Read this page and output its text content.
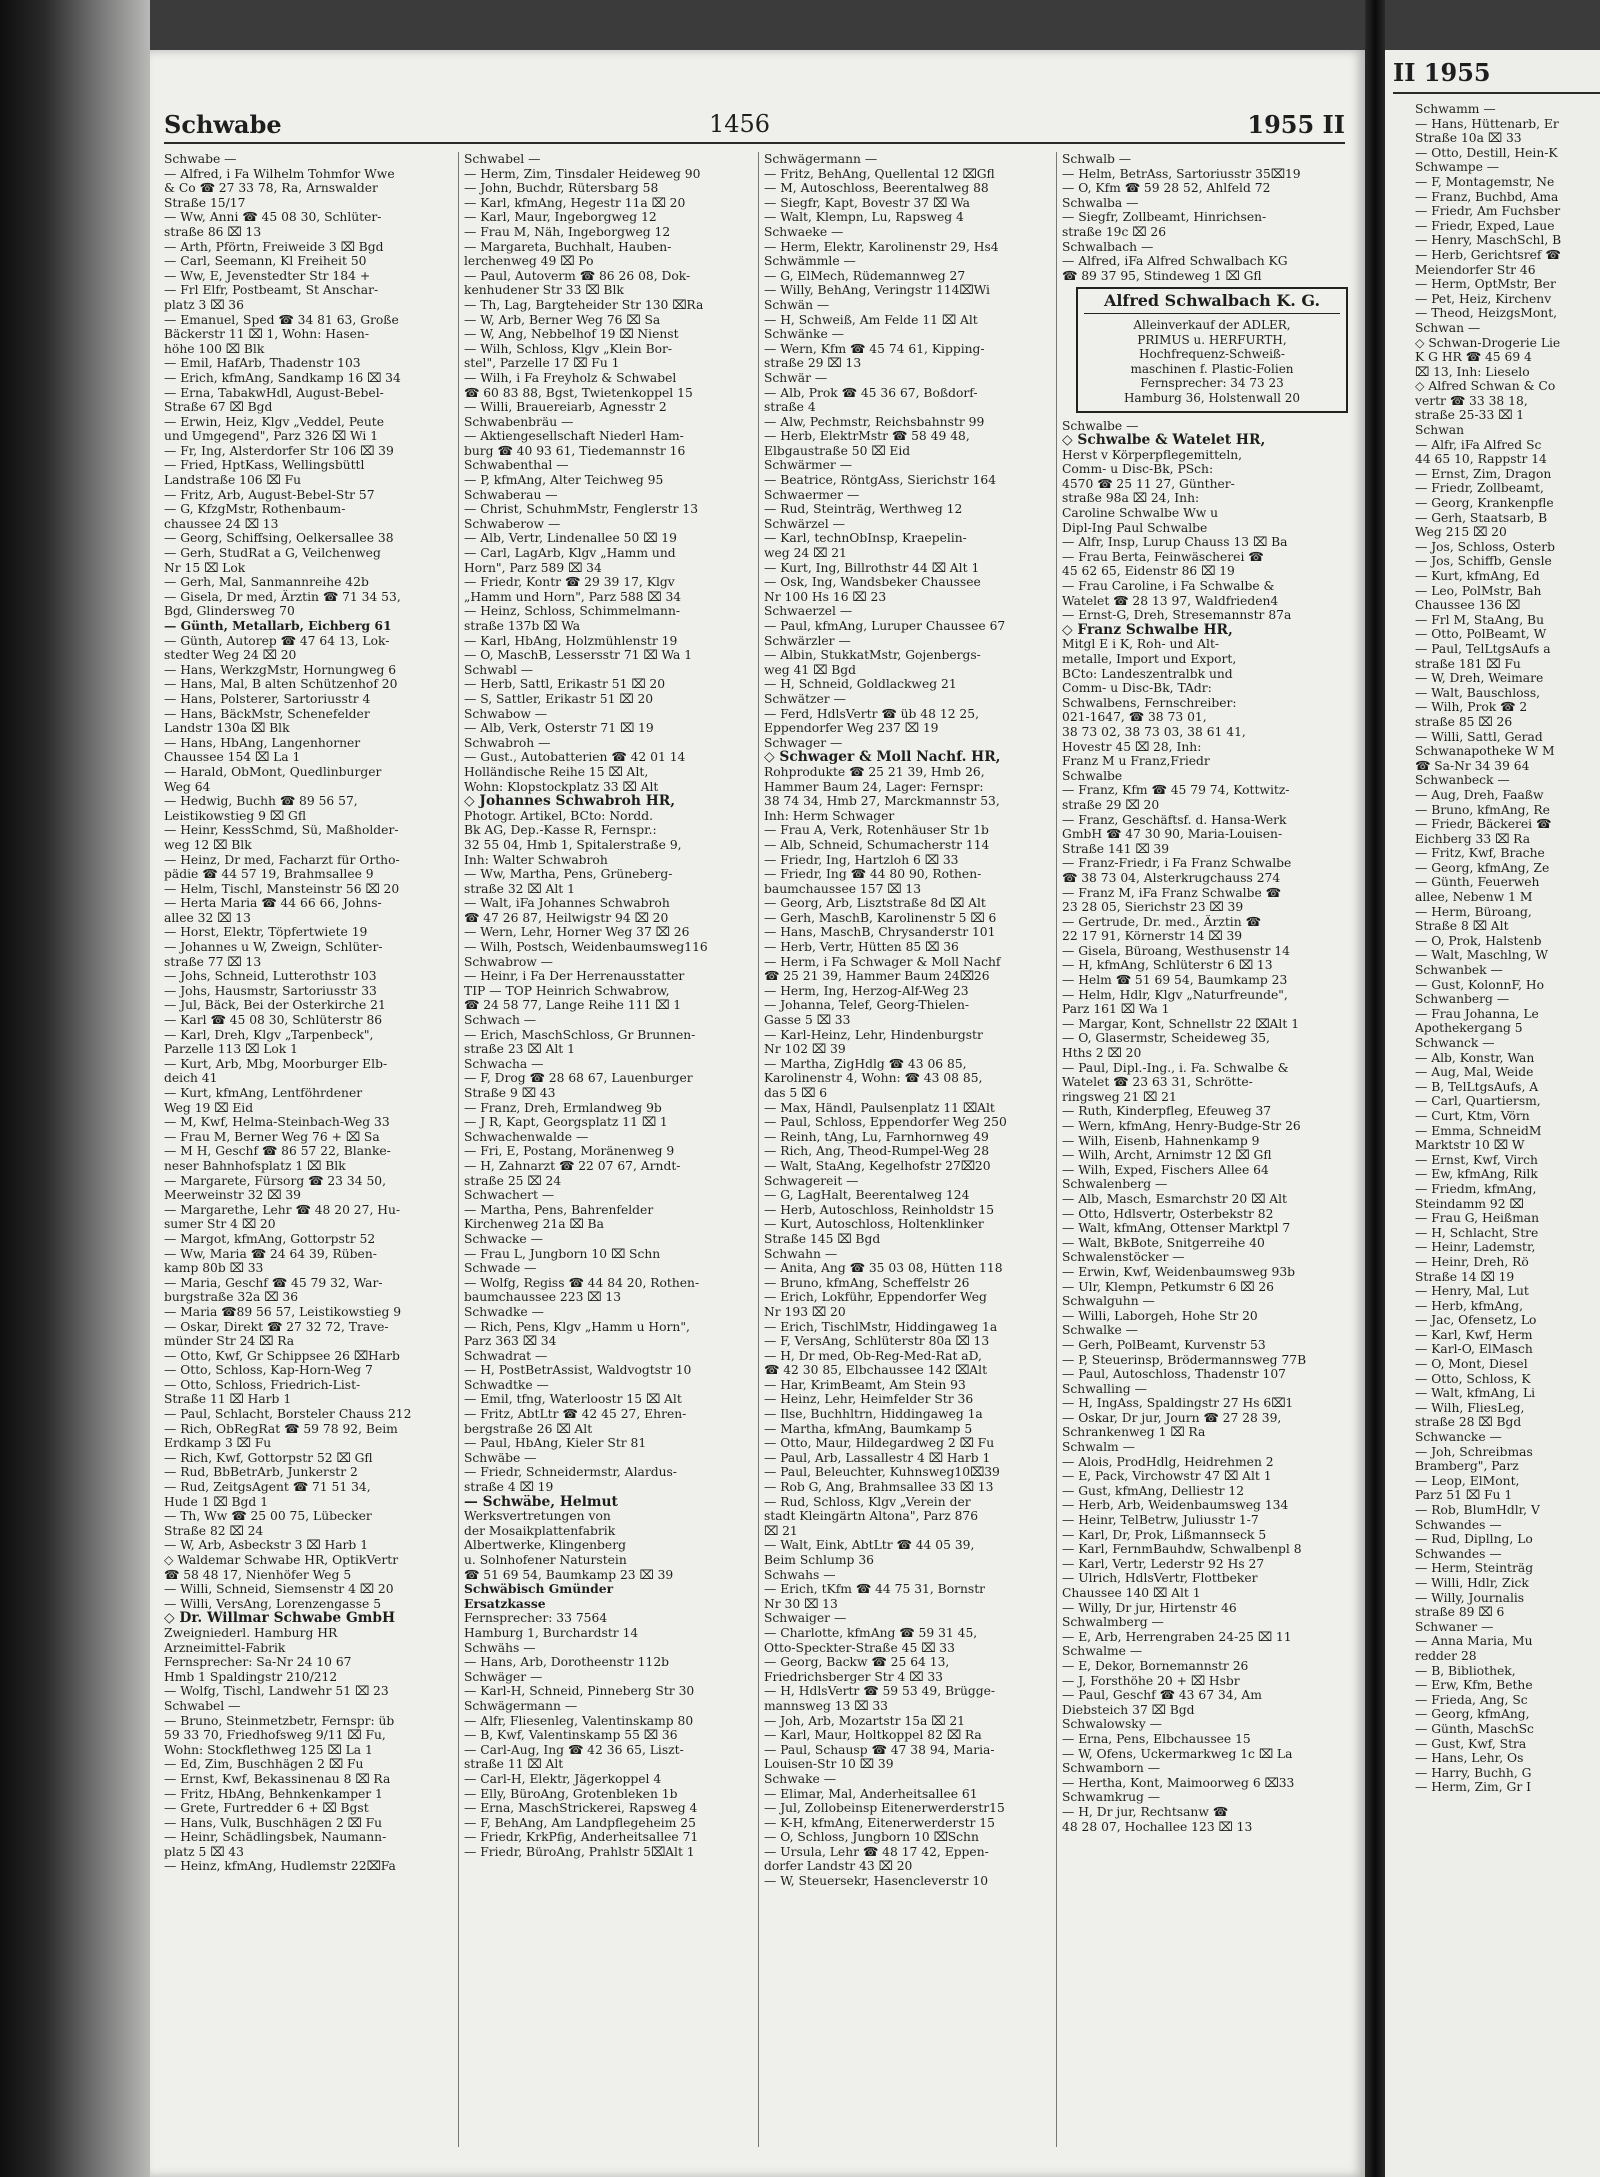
Schwabe	1456	1955 II
Schwabe —
— Alfred, i Fa Wilhelm Tohmfor Wwe
& Co ☎ 27 33 78, Ra, Arnswalder
Straße 15/17
— Ww, Anni ☎ 45 08 30, Schlüter-
straße 86 ⌧ 13
— Arth, Pförtn, Freiweide 3 ⌧ Bgd
— Carl, Seemann, Kl Freiheit 50
— Ww, E, Jevenstedter Str 184 +
— Frl Elfr, Postbeamt, St Anschar-
platz 3 ⌧ 36
— Emanuel, Sped ☎ 34 81 63, Große
Bäckerstr 11 ⌧ 1, Wohn: Hasen-
höhe 100 ⌧ Blk
— Emil, HafArb, Thadenstr 103
— Erich, kfmAng, Sandkamp 16 ⌧ 34
— Erna, TabakwHdl, August-Bebel-
Straße 67 ⌧ Bgd
— Erwin, Heiz, Klgv „Veddel, Peute
und Umgegend", Parz 326 ⌧ Wi 1
— Fr, Ing, Alsterdorfer Str 106 ⌧ 39
— Fried, HptKass, Wellingsbüttl
Landstraße 106 ⌧ Fu
— Fritz, Arb, August-Bebel-Str 57
— G, KfzgMstr, Rothenbaum-
chaussee 24 ⌧ 13
— Georg, Schiffsing, Oelkersallee 38
— Gerh, StudRat a G, Veilchenweg
Nr 15 ⌧ Lok
— Gerh, Mal, Sanmannreihe 42b
— Gisela, Dr med, Ärztin ☎ 71 34 53,
Bgd, Glindersweg 70
— Günth, Metallarb, Eichberg 61
— Günth, Autorep ☎ 47 64 13, Lok-
stedter Weg 24 ⌧ 20
— Hans, WerkzgMstr, Hornungweg 6
— Hans, Mal, B alten Schützenhof 20
— Hans, Polsterer, Sartoriusstr 4
— Hans, BäckMstr, Schenefelder
Landstr 130a ⌧ Blk
— Hans, HbAng, Langenhorner
Chaussee 154 ⌧ La 1
— Harald, ObMont, Quedlinburger
Weg 64
— Hedwig, Buchh ☎ 89 56 57,
Leistikowstieg 9 ⌧ Gfl
— Heinr, KessSchmd, Sü, Maßholder-
weg 12 ⌧ Blk
— Heinz, Dr med, Facharzt für Ortho-
pädie ☎ 44 57 19, Brahmsallee 9
— Helm, Tischl, Mansteinstr 56 ⌧ 20
— Herta Maria ☎ 44 66 66, Johns-
allee 32 ⌧ 13
— Horst, Elektr, Töpfertwiete 19
— Johannes u W, Zweign, Schlüter-
straße 77 ⌧ 13
— Johs, Schneid, Lutterothstr 103
— Johs, Hausmstr, Sartoriusstr 33
— Jul, Bäck, Bei der Osterkirche 21
— Karl ☎ 45 08 30, Schlüterstr 86
— Karl, Dreh, Klgv „Tarpenbeck",
Parzelle 113 ⌧ Lok 1
— Kurt, Arb, Mbg, Moorburger Elb-
deich 41
— Kurt, kfmAng, Lentföhrdener
Weg 19 ⌧ Eid
— M, Kwf, Helma-Steinbach-Weg 33
— Frau M, Berner Weg 76 + ⌧ Sa
— M H, Geschf ☎ 86 57 22, Blanke-
neser Bahnhofsplatz 1 ⌧ Blk
— Margarete, Fürsorg ☎ 23 34 50,
Meerweinstr 32 ⌧ 39
— Margarethe, Lehr ☎ 48 20 27, Hu-
sumer Str 4 ⌧ 20
— Margot, kfmAng, Gottorpstr 52
— Ww, Maria ☎ 24 64 39, Rüben-
kamp 80b ⌧ 33
— Maria, Geschf ☎ 45 79 32, War-
burgstraße 32a ⌧ 36
— Maria ☎89 56 57, Leistikowstieg 9
— Oskar, Direkt ☎ 27 32 72, Trave-
münder Str 24 ⌧ Ra
— Otto, Kwf, Gr Schippsee 26 ⌧Harb
— Otto, Schloss, Kap-Horn-Weg 7
— Otto, Schloss, Friedrich-List-
Straße 11 ⌧ Harb 1
— Paul, Schlacht, Borsteler Chauss 212
— Rich, ObRegRat ☎ 59 78 92, Beim
Erdkamp 3 ⌧ Fu
— Rich, Kwf, Gottorpstr 52 ⌧ Gfl
— Rud, BbBetrArb, Junkerstr 2
— Rud, ZeitgsAgent ☎ 71 51 34,
Hude 1 ⌧ Bgd 1
— Th, Ww ☎ 25 00 75, Lübecker
Straße 82 ⌧ 24
— W, Arb, Asbeckstr 3 ⌧ Harb 1
◇ Waldemar Schwabe HR, OptikVertr
☎ 58 48 17, Nienhöfer Weg 5
— Willi, Schneid, Siemsenstr 4 ⌧ 20
— Willi, VersAng, Lorenzengasse 5
◇ Dr. Willmar Schwabe GmbH
Zweigniederl. Hamburg HR
Arzneimittel-Fabrik
Fernsprecher: Sa-Nr 24 10 67
Hmb 1 Spaldingstr 210/212
— Wolfg, Tischl, Landwehr 51 ⌧ 23
Schwabel —
— Bruno, Steinmetzbetr, Fernspr: üb
59 33 70, Friedhofsweg 9/11 ⌧ Fu,
Wohn: Stockflethweg 125 ⌧ La 1
— Ed, Zim, Buschhägen 2 ⌧ Fu
— Ernst, Kwf, Bekassinenau 8 ⌧ Ra
— Fritz, HbAng, Behnkenkamper 1
— Grete, Furtredder 6 + ⌧ Bgst
— Hans, Vulk, Buschhägen 2 ⌧ Fu
— Heinr, Schädlingsbek, Naumann-
platz 5 ⌧ 43
— Heinz, kfmAng, Hudlemstr 22⌧Fa
Schwabel —
— Herm, Zim, Tinsdaler Heideweg 90
— John, Buchdr, Rütersbarg 58
— Karl, kfmAng, Hegestr 11a ⌧ 20
— Karl, Maur, Ingeborgweg 12
— Frau M, Näh, Ingeborgweg 12
— Margareta, Buchhalt, Hauben-
lerchenweg 49 ⌧ Po
— Paul, Autoverm ☎ 86 26 08, Dok-
kenhudener Str 33 ⌧ Blk
— Th, Lag, Bargteheider Str 130 ⌧Ra
— W, Arb, Berner Weg 76 ⌧ Sa
— W, Ang, Nebbelhof 19 ⌧ Nienst
— Wilh, Schloss, Klgv „Klein Bor-
stel", Parzelle 17 ⌧ Fu 1
— Wilh, i Fa Freyholz & Schwabel
☎ 60 83 88, Bgst, Twietenkoppel 15
— Willi, Brauereiarb, Agnesstr 2
Schwabenbräu —
— Aktiengesellschaft Niederl Ham-
burg ☎ 40 93 61, Tiedemannstr 16
Schwabenthal —
— P, kfmAng, Alter Teichweg 95
Schwaberau —
— Christ, SchuhmMstr, Fenglerstr 13
Schwaberow —
— Alb, Vertr, Lindenallee 50 ⌧ 19
— Carl, LagArb, Klgv „Hamm und
Horn", Parz 589 ⌧ 34
— Friedr, Kontr ☎ 29 39 17, Klgv
„Hamm und Horn", Parz 588 ⌧ 34
— Heinz, Schloss, Schimmelmann-
straße 137b ⌧ Wa
— Karl, HbAng, Holzmühlenstr 19
— O, MaschB, Lessersstr 71 ⌧ Wa 1
Schwabl —
— Herb, Sattl, Erikastr 51 ⌧ 20
— S, Sattler, Erikastr 51 ⌧ 20
Schwabow —
— Alb, Verk, Osterstr 71 ⌧ 19
Schwabroh —
— Gust., Autobatterien ☎ 42 01 14
Holländische Reihe 15 ⌧ Alt,
Wohn: Klopstockplatz 33 ⌧ Alt
◇ Johannes Schwabroh HR,
Photogr. Artikel, BCto: Nordd.
Bk AG, Dep.-Kasse R, Fernspr.:
32 55 04, Hmb 1, Spitalerstraße 9,
Inh: Walter Schwabroh
— Ww, Martha, Pens, Grüneberg-
straße 32 ⌧ Alt 1
— Walt, iFa Johannes Schwabroh
☎ 47 26 87, Heilwigstr 94 ⌧ 20
— Wern, Lehr, Horner Weg 37 ⌧ 26
— Wilh, Postsch, Weidenbaumsweg116
Schwabrow —
— Heinr, i Fa Der Herrenausstatter
TIP — TOP Heinrich Schwabrow,
☎ 24 58 77, Lange Reihe 111 ⌧ 1
Schwach —
— Erich, MaschSchloss, Gr Brunnen-
straße 23 ⌧ Alt 1
Schwacha —
— F, Drog ☎ 28 68 67, Lauenburger
Straße 9 ⌧ 43
— Franz, Dreh, Ermlandweg 9b
— J R, Kapt, Georgsplatz 11 ⌧ 1
Schwachenwalde —
— Fri, E, Postang, Moränenweg 9
— H, Zahnarzt ☎ 22 07 67, Arndt-
straße 25 ⌧ 24
Schwachert —
— Martha, Pens, Bahrenfelder
Kirchenweg 21a ⌧ Ba
Schwacke —
— Frau L, Jungborn 10 ⌧ Schn
Schwade —
— Wolfg, Regiss ☎ 44 84 20, Rothen-
baumchaussee 223 ⌧ 13
Schwadke —
— Rich, Pens, Klgv „Hamm u Horn",
Parz 363 ⌧ 34
Schwadrat —
— H, PostBetrAssist, Waldvogtstr 10
Schwadtke —
— Emil, tfng, Waterloostr 15 ⌧ Alt
— Fritz, AbtLtr ☎ 42 45 27, Ehren-
bergstraße 26 ⌧ Alt
— Paul, HbAng, Kieler Str 81
Schwäbe —
— Friedr, Schneidermstr, Alardus-
straße 4 ⌧ 19
— Schwäbe, Helmut
Werksvertretungen von
der Mosaikplattenfabrik
Albertwerke, Klingenberg
u. Solnhofener Naturstein
☎ 51 69 54, Baumkamp 23 ⌧ 39
Schwäbisch Gmünder
Ersatzkasse
Fernsprecher: 33 7564
Hamburg 1, Burchardstr 14
Schwähs —
— Hans, Arb, Dorotheenstr 112b
Schwäger —
— Karl-H, Schneid, Pinneberg Str 30
Schwägermann —
— Alfr, Fliesenleg, Valentinskamp 80
— B, Kwf, Valentinskamp 55 ⌧ 36
— Carl-Aug, Ing ☎ 42 36 65, Liszt-
straße 11 ⌧ Alt
— Carl-H, Elektr, Jägerkoppel 4
— Elly, BüroAng, Grotenbleken 1b
— Erna, MaschStrickerei, Rapsweg 4
— F, BehAng, Am Landpflegeheim 25
— Friedr, KrkPfig, Anderheitsallee 71
— Friedr, BüroAng, Prahlstr 5⌧Alt 1
Schwägermann —
— Fritz, BehAng, Quellental 12 ⌧Gfl
— M, Autoschloss, Beerentalweg 88
— Siegfr, Kapt, Bovestr 37 ⌧ Wa
— Walt, Klempn, Lu, Rapsweg 4
Schwaeke —
— Herm, Elektr, Karolinenstr 29, Hs4
Schwämmle —
— G, ElMech, Rüdemannweg 27
— Willy, BehAng, Veringstr 114⌧Wi
Schwän —
— H, Schweiß, Am Felde 11 ⌧ Alt
Schwänke —
— Wern, Kfm ☎ 45 74 61, Kipping-
straße 29 ⌧ 13
Schwär —
— Alb, Prok ☎ 45 36 67, Boßdorf-
straße 4
— Alw, Pechmstr, Reichsbahnstr 99
— Herb, ElektrMstr ☎ 58 49 48,
Elbgaustraße 50 ⌧ Eid
Schwärmer —
— Beatrice, RöntgAss, Sierichstr 164
Schwaermer —
— Rud, Steinträg, Werthweg 12
Schwärzel —
— Karl, technObInsp, Kraepelin-
weg 24 ⌧ 21
— Kurt, Ing, Billrothstr 44 ⌧ Alt 1
— Osk, Ing, Wandsbeker Chaussee
Nr 100 Hs 16 ⌧ 23
Schwaerzel —
— Paul, kfmAng, Luruper Chaussee 67
Schwärzler —
— Albin, StukkatMstr, Gojenbergs-
weg 41 ⌧ Bgd
— H, Schneid, Goldlackweg 21
Schwätzer —
— Ferd, HdlsVertr ☎ üb 48 12 25,
Eppendorfer Weg 237 ⌧ 19
Schwager —
◇ Schwager & Moll Nachf. HR,
Rohprodukte ☎ 25 21 39, Hmb 26,
Hammer Baum 24, Lager: Fernspr:
38 74 34, Hmb 27, Marckmannstr 53,
Inh: Herm Schwager
— Frau A, Verk, Rotenhäuser Str 1b
— Alb, Schneid, Schumacherstr 114
— Friedr, Ing, Hartzloh 6 ⌧ 33
— Friedr, Ing ☎ 44 80 90, Rothen-
baumchaussee 157 ⌧ 13
— Georg, Arb, Lisztstraße 8d ⌧ Alt
— Gerh, MaschB, Karolinenstr 5 ⌧ 6
— Hans, MaschB, Chrysanderstr 101
— Herb, Vertr, Hütten 85 ⌧ 36
— Herm, i Fa Schwager & Moll Nachf
☎ 25 21 39, Hammer Baum 24⌧26
— Herm, Ing, Herzog-Alf-Weg 23
— Johanna, Telef, Georg-Thielen-
Gasse 5 ⌧ 33
— Karl-Heinz, Lehr, Hindenburgstr
Nr 102 ⌧ 39
— Martha, ZigHdlg ☎ 43 06 85,
Karolinenstr 4, Wohn: ☎ 43 08 85,
das 5 ⌧ 6
— Max, Händl, Paulsenplatz 11 ⌧Alt
— Paul, Schloss, Eppendorfer Weg 250
— Reinh, tAng, Lu, Farnhornweg 49
— Rich, Ang, Theod-Rumpel-Weg 28
— Walt, StaAng, Kegelhofstr 27⌧20
Schwagereit —
— G, LagHalt, Beerentalweg 124
— Herb, Autoschloss, Reinholdstr 15
— Kurt, Autoschloss, Holtenklinker
Straße 145 ⌧ Bgd
Schwahn —
— Anita, Ang ☎ 35 03 08, Hütten 118
— Bruno, kfmAng, Scheffelstr 26
— Erich, Lokführ, Eppendorfer Weg
Nr 193 ⌧ 20
— Erich, TischlMstr, Hiddingaweg 1a
— F, VersAng, Schlüterstr 80a ⌧ 13
— H, Dr med, Ob-Reg-Med-Rat aD,
☎ 42 30 85, Elbchaussee 142 ⌧Alt
— Har, KrimBeamt, Am Stein 93
— Heinz, Lehr, Heimfelder Str 36
— Ilse, Buchhltrn, Hiddingaweg 1a
— Martha, kfmAng, Baumkamp 5
— Otto, Maur, Hildegardweg 2 ⌧ Fu
— Paul, Arb, Lassallestr 4 ⌧ Harb 1
— Paul, Beleuchter, Kuhnsweg10⌧39
— Rob G, Ang, Brahmsallee 33 ⌧ 13
— Rud, Schloss, Klgv „Verein der
stadt Kleingärtn Altona", Parz 876
⌧ 21
— Walt, Eink, AbtLtr ☎ 44 05 39,
Beim Schlump 36
Schwahs —
— Erich, tKfm ☎ 44 75 31, Bornstr
Nr 30 ⌧ 13
Schwaiger —
— Charlotte, kfmAng ☎ 59 31 45,
Otto-Speckter-Straße 45 ⌧ 33
— Georg, Backw ☎ 25 64 13,
Friedrichsberger Str 4 ⌧ 33
— H, HdlsVertr ☎ 59 53 49, Brügge-
mannsweg 13 ⌧ 33
— Joh, Arb, Mozartstr 15a ⌧ 21
— Karl, Maur, Holtkoppel 82 ⌧ Ra
— Paul, Schausp ☎ 47 38 94, Maria-
Louisen-Str 10 ⌧ 39
Schwake —
— Elimar, Mal, Anderheitsallee 61
— Jul, Zollobeinsp Eitenerwerderstr15
— K-H, kfmAng, Eitenerwerderstr 15
— O, Schloss, Jungborn 10 ⌧Schn
— Ursula, Lehr ☎ 48 17 42, Eppen-
dorfer Landstr 43 ⌧ 20
— W, Steuersekr, Hasencleverstr 10
Schwalb —
— Helm, BetrAss, Sartoriusstr 35⌧19
— O, Kfm ☎ 59 28 52, Ahlfeld 72
Schwalba —
— Siegfr, Zollbeamt, Hinrichsen-
straße 19c ⌧ 26
Schwalbach —
— Alfred, iFa Alfred Schwalbach KG
☎ 89 37 95, Stindeweg 1 ⌧ Gfl
Alfred Schwalbach K. G.
Alleinverkauf der ADLER,
PRIMUS u. HERFURTH,
Hochfrequenz-Schweiß-
maschinen f. Plastic-Folien
Fernsprecher: 34 73 23
Hamburg 36, Holstenwall 20
Schwalbe —
◇ Schwalbe & Watelet HR,
Herst v Körperpflegemitteln,
Comm- u Disc-Bk, PSch:
4570 ☎ 25 11 27, Günther-
straße 98a ⌧ 24, Inh:
Caroline Schwalbe Ww u
Dipl-Ing Paul Schwalbe
— Alfr, Insp, Lurup Chauss 13 ⌧ Ba
— Frau Berta, Feinwäscherei ☎
45 62 65, Eidenstr 86 ⌧ 19
— Frau Caroline, i Fa Schwalbe &
Watelet ☎ 28 13 97, Waldfrieden4
— Ernst-G, Dreh, Stresemannstr 87a
◇ Franz Schwalbe HR,
Mitgl E i K, Roh- und Alt-
metalle, Import und Export,
BCto: Landeszentralbk und
Comm- u Disc-Bk, TAdr:
Schwalbens, Fernschreiber:
021-1647, ☎ 38 73 01,
38 73 02, 38 73 03, 38 61 41,
Hovestr 45 ⌧ 28, Inh:
Franz M u Franz,Friedr
Schwalbe
— Franz, Kfm ☎ 45 79 74, Kottwitz-
straße 29 ⌧ 20
— Franz, Geschäftsf. d. Hansa-Werk
GmbH ☎ 47 30 90, Maria-Louisen-
Straße 141 ⌧ 39
— Franz-Friedr, i Fa Franz Schwalbe
☎ 38 73 04, Alsterkrugchauss 274
— Franz M, iFa Franz Schwalbe ☎
23 28 05, Sierichstr 23 ⌧ 39
— Gertrude, Dr. med., Ärztin ☎
22 17 91, Körnerstr 14 ⌧ 39
— Gisela, Büroang, Westhusenstr 14
— H, kfmAng, Schlüterstr 6 ⌧ 13
— Helm ☎ 51 69 54, Baumkamp 23
— Helm, Hdlr, Klgv „Naturfreunde",
Parz 161 ⌧ Wa 1
— Margar, Kont, Schnellstr 22 ⌧Alt 1
— O, Glasermstr, Scheideweg 35,
Hths 2 ⌧ 20
— Paul, Dipl.-Ing., i. Fa. Schwalbe &
Watelet ☎ 23 63 31, Schrötte-
ringsweg 21 ⌧ 21
— Ruth, Kinderpfleg, Efeuweg 37
— Wern, kfmAng, Henry-Budge-Str 26
— Wilh, Eisenb, Hahnenkamp 9
— Wilh, Archt, Arnimstr 12 ⌧ Gfl
— Wilh, Exped, Fischers Allee 64
Schwalenberg —
— Alb, Masch, Esmarchstr 20 ⌧ Alt
— Otto, Hdlsvertr, Osterbekstr 82
— Walt, kfmAng, Ottenser Marktpl 7
— Walt, BkBote, Snitgerreihe 40
Schwalenstöcker —
— Erwin, Kwf, Weidenbaumsweg 93b
— Ulr, Klempn, Petkumstr 6 ⌧ 26
Schwalguhn —
— Willi, Laborgeh, Hohe Str 20
Schwalke —
— Gerh, PolBeamt, Kurvenstr 53
— P, Steuerinsp, Brödermannsweg 77B
— Paul, Autoschloss, Thadenstr 107
Schwalling —
— H, IngAss, Spaldingstr 27 Hs 6⌧1
— Oskar, Dr jur, Journ ☎ 27 28 39,
Schrankenweg 1 ⌧ Ra
Schwalm —
— Alois, ProdHdlg, Heidrehmen 2
— E, Pack, Virchowstr 47 ⌧ Alt 1
— Gust, kfmAng, Delliestr 12
— Herb, Arb, Weidenbaumsweg 134
— Heinr, TelBetrw, Juliusstr 1-7
— Karl, Dr, Prok, Lißmannseck 5
— Karl, FernmBauhdw, Schwalbenpl 8
— Karl, Vertr, Lederstr 92 Hs 27
— Ulrich, HdlsVertr, Flottbeker
Chaussee 140 ⌧ Alt 1
— Willy, Dr jur, Hirtenstr 46
Schwalmberg —
— E, Arb, Herrengraben 24-25 ⌧ 11
Schwalme —
— E, Dekor, Bornemannstr 26
— J, Forsthöhe 20 + ⌧ Hsbr
— Paul, Geschf ☎ 43 67 34, Am
Diebsteich 37 ⌧ Bgd
Schwalowsky —
— Erna, Pens, Elbchaussee 15
— W, Ofens, Uckermarkweg 1c ⌧ La
Schwamborn —
— Hertha, Kont, Maimoorweg 6 ⌧33
Schwamkrug —
— H, Dr jur, Rechtsanw ☎
48 28 07, Hochallee 123 ⌧ 13
II 1955
Schwamm —
— Hans, Hüttenarb, Er
Straße 10a ⌧ 33
— Otto, Destill, Hein-K
Schwampe —
— F, Montagemstr, Ne
— Franz, Buchbd, Ama
— Friedr, Am Fuchsber
— Friedr, Exped, Laue
— Henry, MaschSchl, B
— Herb, Gerichtsref ☎
Meiendorfer Str 46
— Herm, OptMstr, Ber
— Pet, Heiz, Kirchenv
— Theod, HeizgsMont,
Schwan —
◇ Schwan-Drogerie Lie
K G HR ☎ 45 69 4
⌧ 13, Inh: Lieselo
◇ Alfred Schwan & Co
vertr ☎ 33 38 18,
straße 25-33 ⌧ 1
Schwan
— Alfr, iFa Alfred Sc
44 65 10, Rappstr 14
— Ernst, Zim, Dragon
— Friedr, Zollbeamt,
— Georg, Krankenpfle
— Gerh, Staatsarb, B
Weg 215 ⌧ 20
— Jos, Schloss, Osterb
— Jos, Schiffb, Gensle
— Kurt, kfmAng, Ed
— Leo, PolMstr, Bah
Chaussee 136 ⌧
— Frl M, StaAng, Bu
— Otto, PolBeamt, W
— Paul, TelLtgsAufs a
straße 181 ⌧ Fu
— W, Dreh, Weimare
— Walt, Bauschloss,
— Wilh, Prok ☎ 2
straße 85 ⌧ 26
— Willi, Sattl, Gerad
Schwanapotheke W M
☎ Sa-Nr 34 39 64
Schwanbeck —
— Aug, Dreh, Faaßw
— Bruno, kfmAng, Re
— Friedr, Bäckerei ☎
Eichberg 33 ⌧ Ra
— Fritz, Kwf, Brache
— Georg, kfmAng, Ze
— Günth, Feuerweh
allee, Nebenw 1 M
— Herm, Büroang,
Straße 8 ⌧ Alt
— O, Prok, Halstenb
— Walt, Maschlng, W
Schwanbek —
— Gust, KolonnF, Ho
Schwanberg —
— Frau Johanna, Le
Apothekergang 5
Schwanck —
— Alb, Konstr, Wan
— Aug, Mal, Weide
— B, TelLtgsAufs, A
— Carl, Quartiersm,
— Curt, Ktm, Vörn
— Emma, SchneidM
Marktstr 10 ⌧ W
— Ernst, Kwf, Virch
— Ew, kfmAng, Rilk
— Friedm, kfmAng,
Steindamm 92 ⌧
— Frau G, Heißman
— H, Schlacht, Stre
— Heinr, Lademstr,
— Heinr, Dreh, Rö
Straße 14 ⌧ 19
— Henry, Mal, Lut
— Herb, kfmAng,
— Jac, Ofensetz, Lo
— Karl, Kwf, Herm
— Karl-O, ElMasch
— O, Mont, Diesel
— Otto, Schloss, K
— Walt, kfmAng, Li
— Wilh, FliesLeg,
straße 28 ⌧ Bgd
Schwancke —
— Joh, Schreibmas
Bramberg", Parz
— Leop, ElMont,
Parz 51 ⌧ Fu 1
— Rob, BlumHdlr, V
Schwandes —
— Rud, Dipllng, Lo
Schwandes —
— Herm, Steinträg
— Willi, Hdlr, Zick
— Willy, Journalis
straße 89 ⌧ 6
Schwaner —
— Anna Maria, Mu
redder 28
— B, Bibliothek,
— Erw, Kfm, Bethe
— Frieda, Ang, Sc
— Georg, kfmAng,
— Günth, MaschSc
— Gust, Kwf, Stra
— Hans, Lehr, Os
— Harry, Buchh, G
— Herm, Zim, Gr I
